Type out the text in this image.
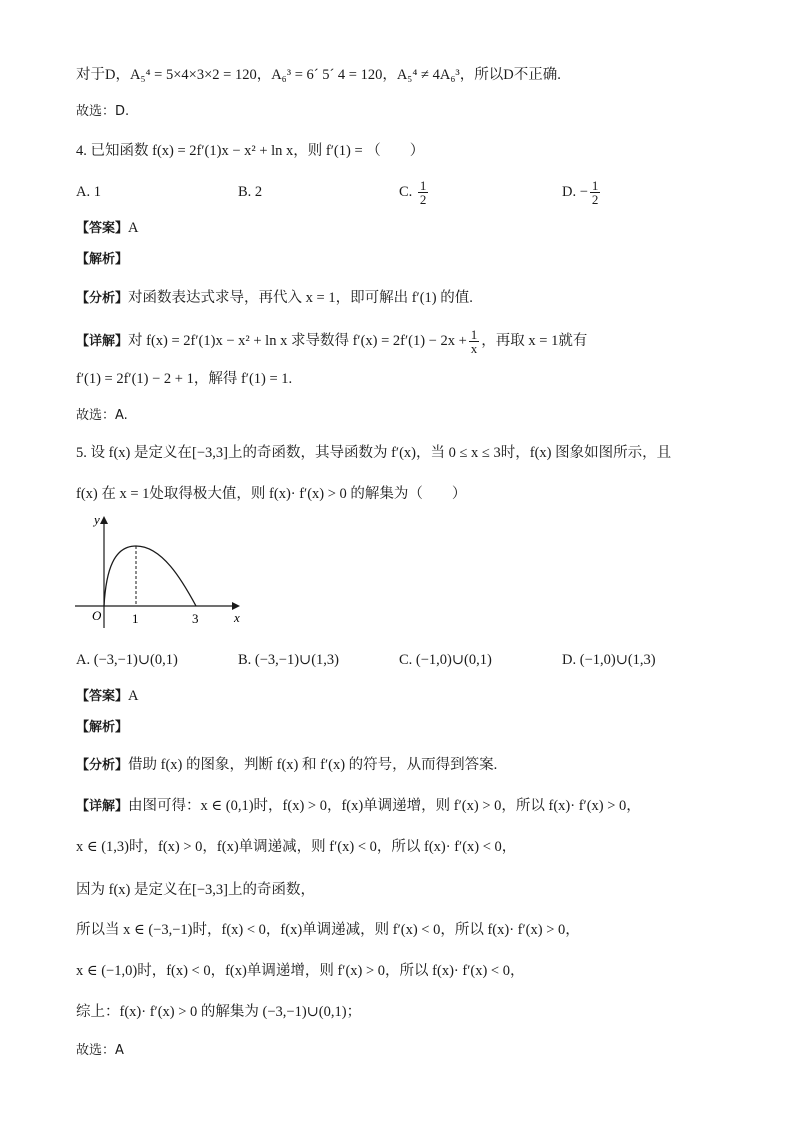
对于D，A₅⁴ = 5×4×3×2 = 120，A₆³ = 6´ 5´ 4 = 120，A₅⁴ ≠ 4A₆³，所以D不正确.
故选：D.
4. 已知函数 f(x) = 2f′(1)x − x² + ln x，则 f′(1) = （　　）
A. 1	B. 2	C. $\frac{1}{2}$	D. − $\frac{1}{2}$
【答案】A
【解析】
【分析】对函数表达式求导，再代入 x = 1，即可解出 f′(1) 的值.
【详解】对 f(x) = 2f′(1)x − x² + ln x 求导数得 $f'(x) = 2f'(1) - 2x + \frac{1}{x}$ ，再取 x = 1就有
f′(1) = 2f′(1) − 2 + 1，解得 f′(1) = 1.
故选：A.
5. 设 f(x) 是定义在[−3,3]上的奇函数，其导函数为 f′(x)，当 0 ≤ x ≤ 3时，f(x) 图象如图所示，且
f(x) 在 x = 1处取得极大值，则 f(x)· f′(x) > 0 的解集为（　　）
y
x
O 1	3
A. (−3,−1)∪(0,1)	B. (−3,−1)∪(1,3)	C. (−1,0)∪(0,1)	D. (−1,0)∪(1,3)
【答案】A
【解析】
【分析】借助 f(x) 的图象，判断 f(x) 和 f′(x) 的符号，从而得到答案.
【详解】由图可得：x ∈ (0,1)时，f(x) > 0，f(x)单调递增，则 f′(x) > 0，所以 f(x)· f′(x) > 0，
x ∈ (1,3)时，f(x) > 0，f(x)单调递减，则 f′(x) < 0，所以 f(x)· f′(x) < 0，
因为 f(x) 是定义在[−3,3]上的奇函数，
所以当 x ∈ (−3,−1)时，f(x) < 0，f(x)单调递减，则 f′(x) < 0，所以 f(x)· f′(x) > 0，
x ∈ (−1,0)时，f(x) < 0，f(x)单调递增，则 f′(x) > 0，所以 f(x)· f′(x) < 0，
综上：f(x)· f′(x) > 0 的解集为 (−3,−1)∪(0,1)；
故选：A
